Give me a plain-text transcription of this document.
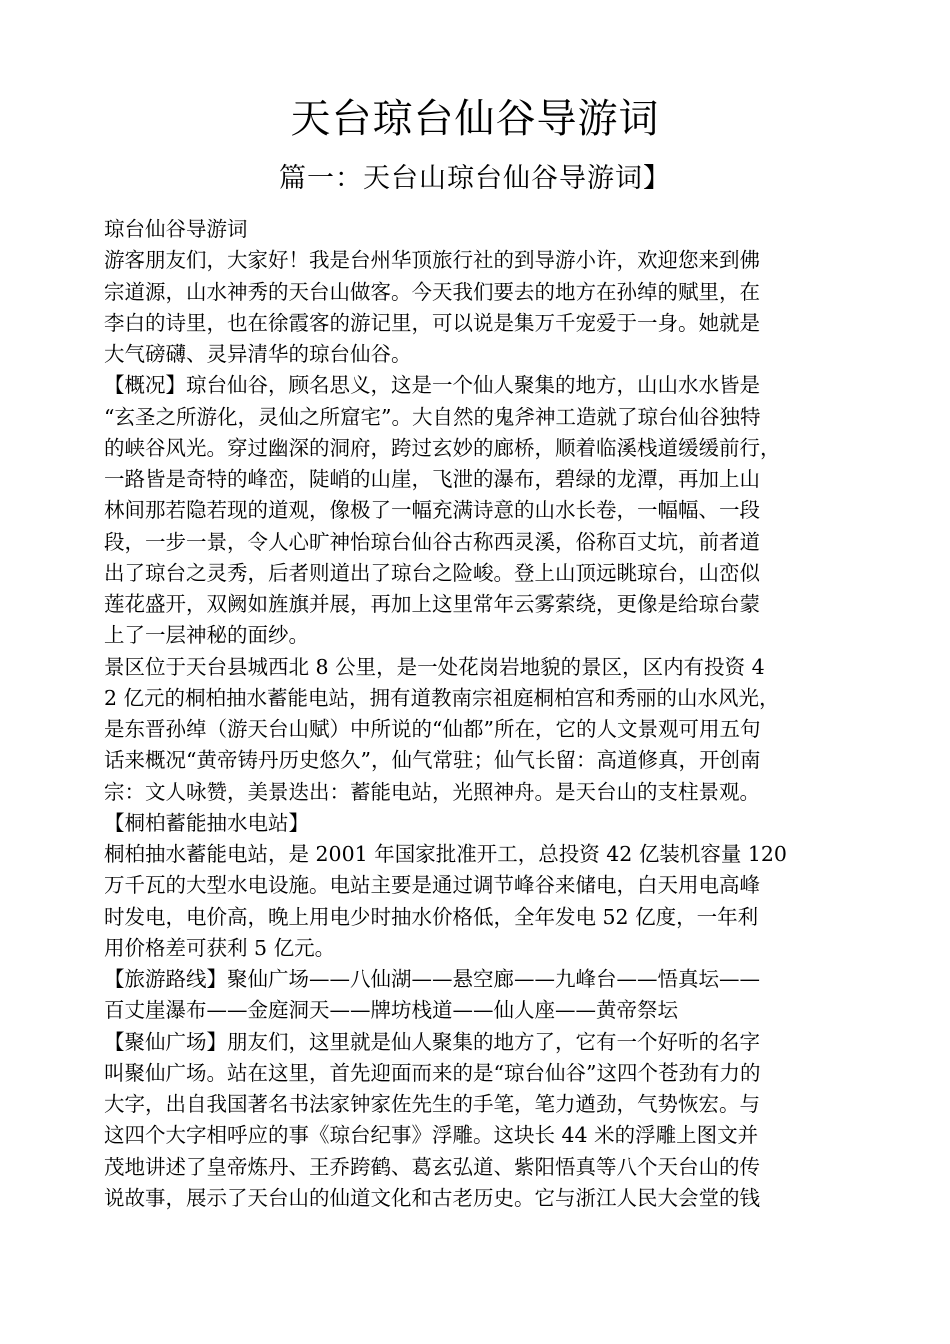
天台琼台仙谷导游词
篇一：天台山琼台仙谷导游词】
琼台仙谷导游词
游客朋友们，大家好！我是台州华顶旅行社的到导游小许，欢迎您来到佛
宗道源，山水神秀的天台山做客。今天我们要去的地方在孙绰的赋里，在
李白的诗里，也在徐霞客的游记里，可以说是集万千宠爱于一身。她就是
大气磅礴、灵异清华的琼台仙谷。
【概况】琼台仙谷，顾名思义，这是一个仙人聚集的地方，山山水水皆是
“玄圣之所游化，灵仙之所窟宅”。大自然的鬼斧神工造就了琼台仙谷独特
的峡谷风光。穿过幽深的洞府，跨过玄妙的廊桥，顺着临溪栈道缓缓前行，
一路皆是奇特的峰峦，陡峭的山崖，飞泄的瀑布，碧绿的龙潭，再加上山
林间那若隐若现的道观，像极了一幅充满诗意的山水长卷，一幅幅、一段
段，一步一景，令人心旷神怡琼台仙谷古称西灵溪，俗称百丈坑，前者道
出了琼台之灵秀，后者则道出了琼台之险峻。登上山顶远眺琼台，山峦似
莲花盛开，双阙如旌旗并展，再加上这里常年云雾萦绕，更像是给琼台蒙
上了一层神秘的面纱。
景区位于天台县城西北 8 公里，是一处花岗岩地貌的景区，区内有投资 4
2 亿元的桐柏抽水蓄能电站，拥有道教南宗祖庭桐柏宫和秀丽的山水风光，
是东晋孙绰（游天台山赋）中所说的“仙都”所在，它的人文景观可用五句
话来概况“黄帝铸丹历史悠久”，仙气常驻；仙气长留：高道修真，开创南
宗：文人咏赞，美景迭出：蓄能电站，光照神舟。是天台山的支柱景观。
【桐柏蓄能抽水电站】
桐柏抽水蓄能电站，是 2001 年国家批准开工，总投资 42 亿装机容量 120
万千瓦的大型水电设施。电站主要是通过调节峰谷来储电，白天用电高峰
时发电，电价高，晚上用电少时抽水价格低，全年发电 52 亿度，一年利
用价格差可获利 5 亿元。
【旅游路线】聚仙广场——八仙湖——悬空廊——九峰台——悟真坛——
百丈崖瀑布——金庭洞天——牌坊栈道——仙人座——黄帝祭坛
【聚仙广场】朋友们，这里就是仙人聚集的地方了，它有一个好听的名字
叫聚仙广场。站在这里，首先迎面而来的是“琼台仙谷”这四个苍劲有力的
大字，出自我国著名书法家钟家佐先生的手笔，笔力遒劲，气势恢宏。与
这四个大字相呼应的事《琼台纪事》浮雕。这块长 44 米的浮雕上图文并
茂地讲述了皇帝炼丹、王乔跨鹤、葛玄弘道、紫阳悟真等八个天台山的传
说故事，展示了天台山的仙道文化和古老历史。它与浙江人民大会堂的钱
